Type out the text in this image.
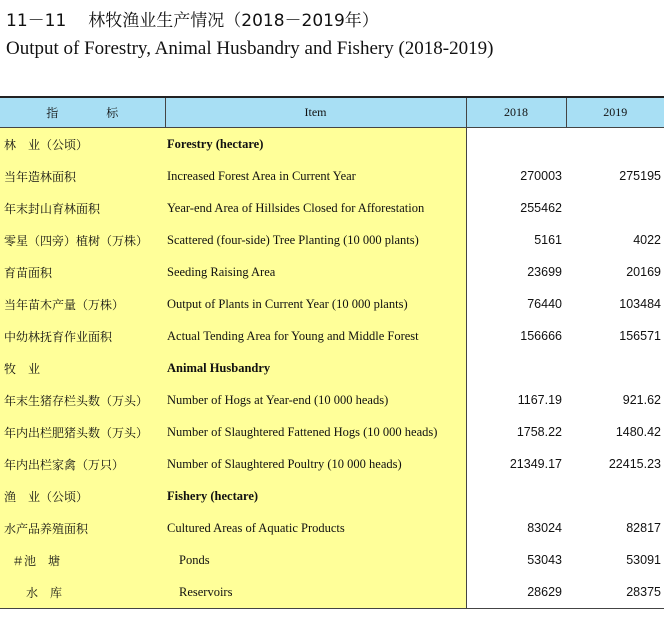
11－11 林牧渔业生产情况（2018－2019年）
Output of Forestry, Animal Husbandry and Fishery (2018-2019)
指 标	Item	2018	2019
林　业（公顷）	Forestry (hectare)		
当年造林面积	Increased Forest Area in Current Year	270003	275195
年末封山育林面积	Year-end Area of Hillsides Closed for Afforestation	255462	
零星（四旁）植树（万株）	Scattered (four-side) Tree Planting (10 000 plants)	5161	4022
育苗面积	Seeding Raising Area	23699	20169
当年苗木产量（万株）	Output of Plants in Current Year (10 000 plants)	76440	103484
中幼林抚育作业面积	Actual Tending Area for Young and Middle Forest	156666	156571
牧　业	Animal Husbandry		
年末生猪存栏头数（万头）	Number of Hogs at Year-end (10 000 heads)	1167.19	921.62
年内出栏肥猪头数（万头）	Number of Slaughtered Fattened Hogs (10 000 heads)	1758.22	1480.42
年内出栏家禽（万只）	Number of Slaughtered Poultry (10 000 heads)	21349.17	22415.23
渔　业（公顷）	Fishery (hectare)		
水产品养殖面积	Cultured Areas of Aquatic Products	83024	82817
＃池　塘	Ponds	53043	53091
水　库	Reservoirs	28629	28375
